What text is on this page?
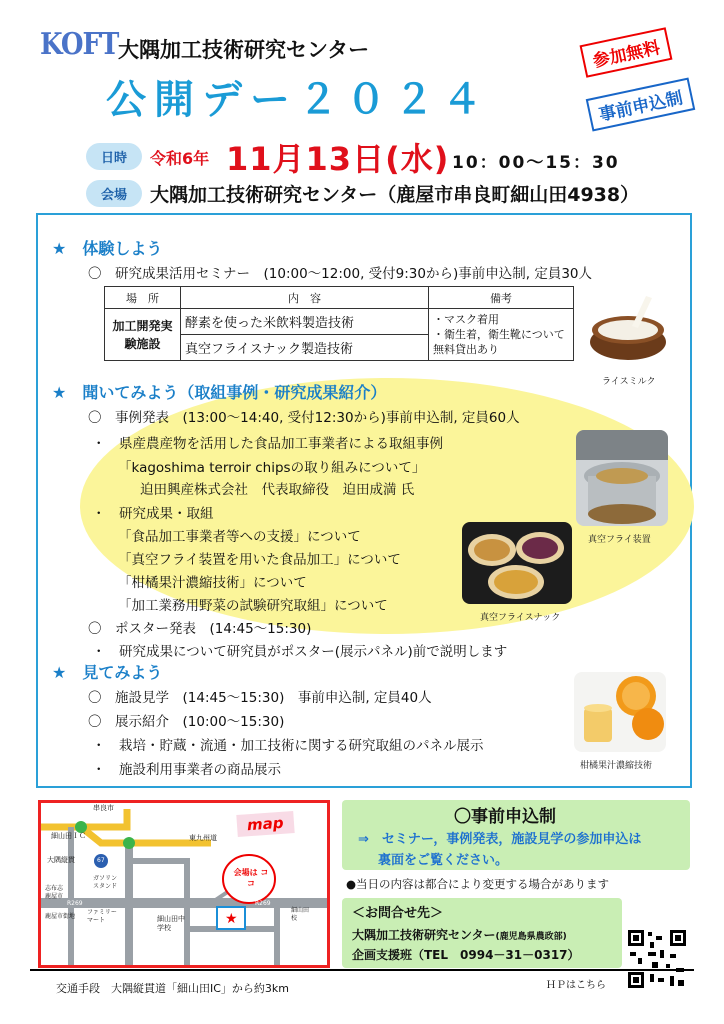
KOFT 大隅加工技術研究センター
公開デー２０２４
参加無料
事前申込制
日時	令和6年 11月13日(水) 10：00～15：30
会場	大隅加工技術研究センター（鹿屋市串良町細山田4938）
★　体験しよう
〇　研究成果活用セミナー　(10:00～12:00, 受付9:30から)事前申込制, 定員30人
場　所	内　容	備考
加工開発実験施設	酵素を使った米飲料製造技術	・マスク着用
・衛生着，衛生靴について無料貸出あり
	真空フライスナック製造技術	
ライスミルク
★　聞いてみよう（取組事例・研究成果紹介）
〇　事例発表　(13:00～14:40, 受付12:30から)事前申込制, 定員60人
・　県産農産物を活用した食品加工事業者による取組事例
「kagoshima terroir chipsの取り組みについて」
迫田興産株式会社　代表取締役　迫田成満 氏
・　研究成果・取組
「食品加工事業者等への支援」について
「真空フライ装置を用いた食品加工」について
「柑橘果汁濃縮技術」について
「加工業務用野菜の試験研究取組」について
〇　ポスター発表　(14:45～15:30)
・　研究成果について研究員がポスター(展示パネル)前で説明します
真空フライ装置
真空フライスナック
★　見てみよう
〇　施設見学　(14:45～15:30)　事前申込制, 定員40人
〇　展示紹介　(10:00～15:30)
・　栽培・貯蔵・流通・加工技術に関する研究取組のパネル展示
・　施設利用事業者の商品展示	柑橘果汁濃縮技術
★
map
串良市
細山田ＩＣ	東九州道
大隅縦貫	67
ガソリン スタンド
ファミリーマート	細山田中学校
R269	R269
会場は ココ
細山田 校
志布志
鹿屋市
鹿屋市街地
〇事前申込制
⇒　セミナー，事例発表，施設見学の参加申込は
裏面をご覧ください。
●当日の内容は都合により変更する場合があります
＜お問合せ先＞
大隅加工技術研究センター(鹿児島県農政部)
企画支援班（TEL　0994－31－0317）
交通手段　大隅縦貫道「細山田IC」から約3km	ＨＰはこちら
